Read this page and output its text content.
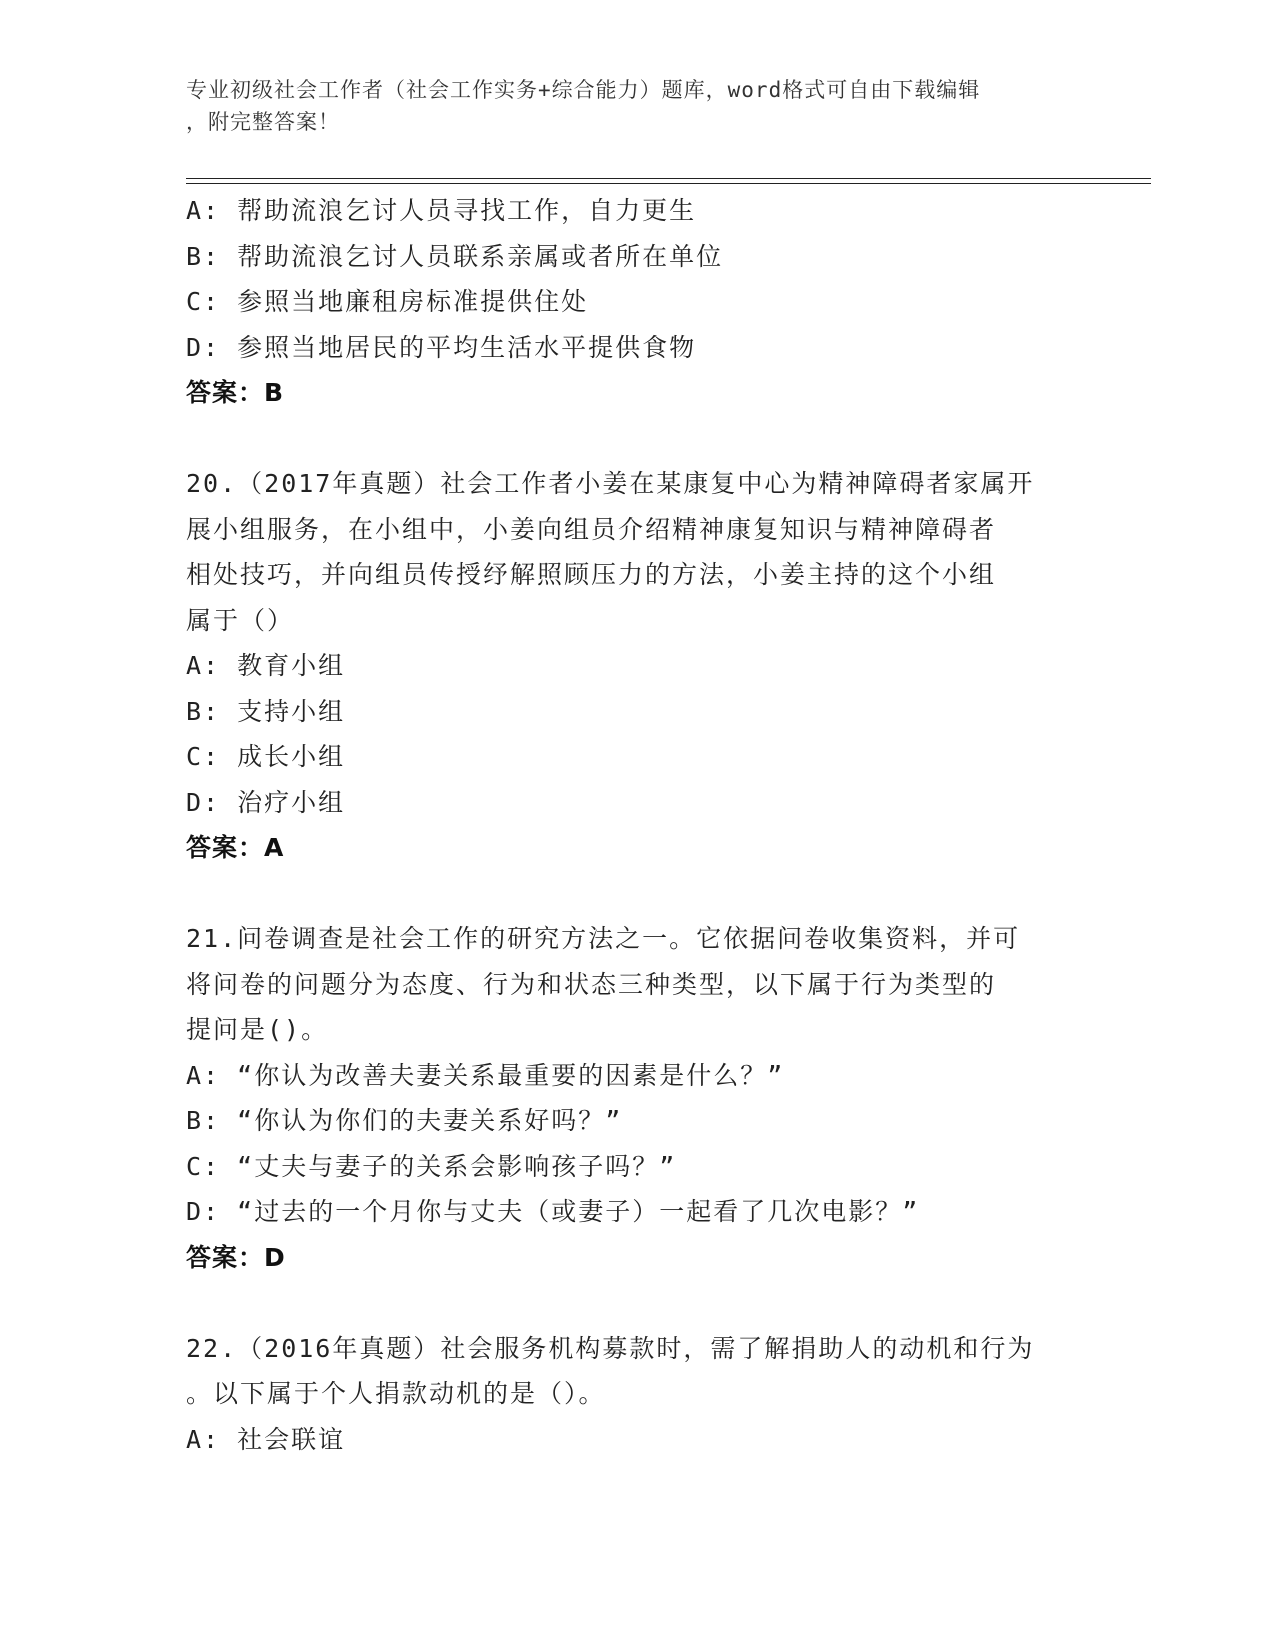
专业初级社会工作者（社会工作实务+综合能力）题库，word格式可自由下载编辑
，附完整答案！
A: 帮助流浪乞讨人员寻找工作，自力更生
B: 帮助流浪乞讨人员联系亲属或者所在单位
C: 参照当地廉租房标准提供住处
D: 参照当地居民的平均生活水平提供食物
答案：B
20.（2017年真题）社会工作者小姜在某康复中心为精神障碍者家属开
展小组服务，在小组中，小姜向组员介绍精神康复知识与精神障碍者
相处技巧，并向组员传授纾解照顾压力的方法，小姜主持的这个小组
属于（）
A: 教育小组
B: 支持小组
C: 成长小组
D: 治疗小组
答案：A
21.问卷调查是社会工作的研究方法之一。它依据问卷收集资料，并可
将问卷的问题分为态度、行为和状态三种类型，以下属于行为类型的
提问是()。
A: “你认为改善夫妻关系最重要的因素是什么？”
B: “你认为你们的夫妻关系好吗？”
C: “丈夫与妻子的关系会影响孩子吗？”
D: “过去的一个月你与丈夫（或妻子）一起看了几次电影？”
答案：D
22.（2016年真题）社会服务机构募款时，需了解捐助人的动机和行为
。以下属于个人捐款动机的是（）。
A: 社会联谊
